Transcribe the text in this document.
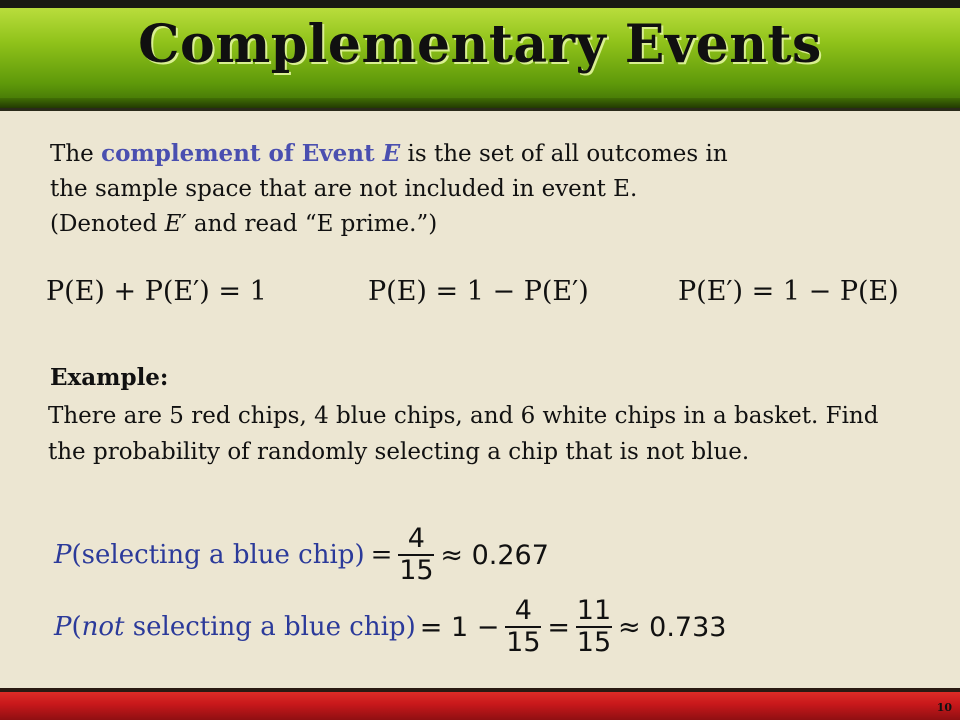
Complementary Events

The complement of Event E is the set of all outcomes in

the sample space that are not included in event E.

(Denoted E′ and read “E prime.”)

P(E) + P(E′) = 1	P(E) = 1 − P(E′)	P(E′) = 1 − P(E)
Example:
There are 5 red chips, 4 blue chips, and 6 white chips in a basket. Find the probability of randomly selecting a chip that is not blue.
P (selecting a blue chip) = $\frac{4}{15} \approx 0.267$
P ( not selecting a blue chip) = $1 - \frac{4}{15} = \frac{11}{15} \approx 0.733$
10
